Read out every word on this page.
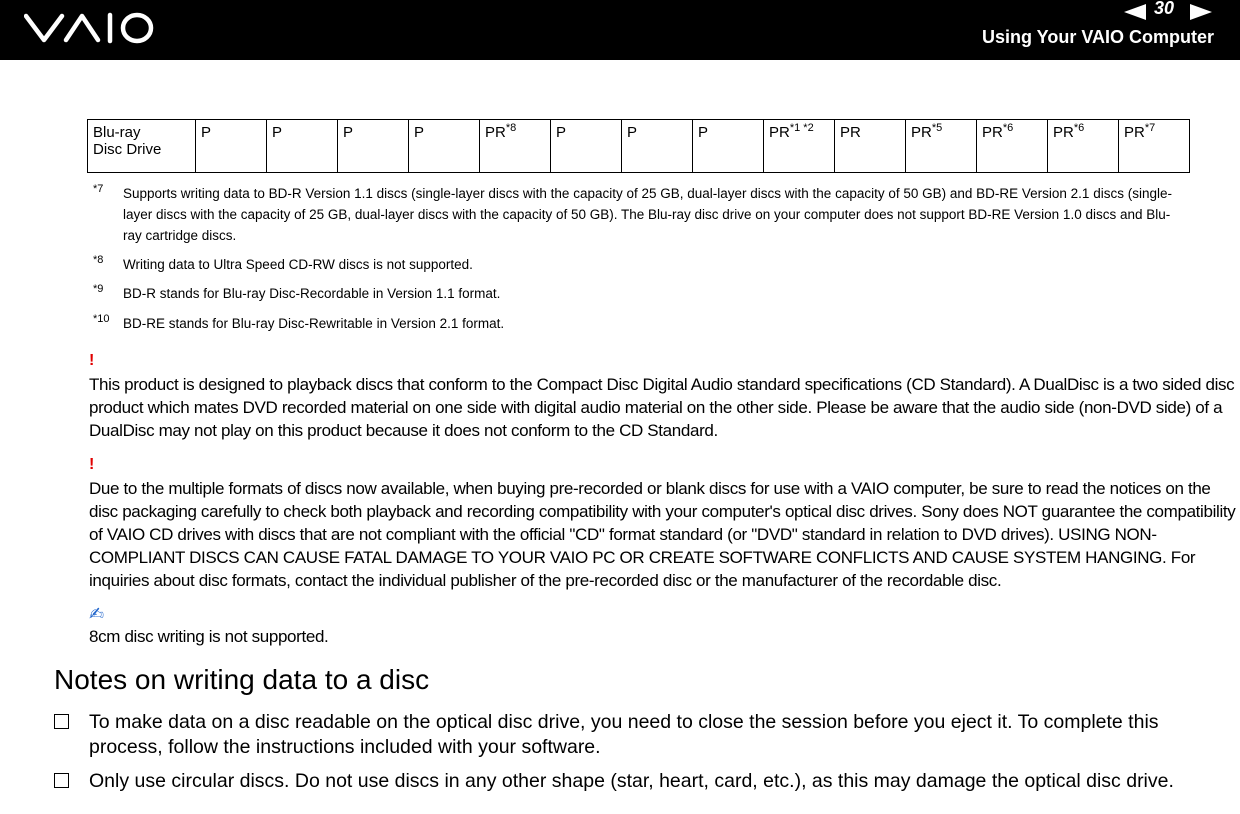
30
Using Your VAIO Computer
Blu-ray
Disc Drive	P	P	P	P	PR$^{*8}$	P	P	P	$PR^{*1 *2}$	PR	PR$^{*5}$	PR$^{*6}$	PR$^{*6}$	PR$^{*7}$
*7 Supports writing data to BD-R Version 1.1 discs (single-layer discs with the capacity of 25 GB, dual-layer discs with the capacity of 50 GB) and BD-RE Version 2.1 discs (single-layer discs with the capacity of 25 GB, dual-layer discs with the capacity of 50 GB). The Blu-ray disc drive on your computer does not support BD-RE Version 1.0 discs and Blu-ray cartridge discs.
*8 Writing data to Ultra Speed CD-RW discs is not supported.
*9 BD-R stands for Blu-ray Disc-Recordable in Version 1.1 format.
*10 BD-RE stands for Blu-ray Disc-Rewritable in Version 2.1 format.
!
This product is designed to playback discs that conform to the Compact Disc Digital Audio standard specifications (CD Standard). A DualDisc is a two sided disc product which mates DVD recorded material on one side with digital audio material on the other side. Please be aware that the audio side (non-DVD side) of a DualDisc may not play on this product because it does not conform to the CD Standard.
!
Due to the multiple formats of discs now available, when buying pre-recorded or blank discs for use with a VAIO computer, be sure to read the notices on the disc packaging carefully to check both playback and recording compatibility with your computer's optical disc drives. Sony does NOT guarantee the compatibility of VAIO CD drives with discs that are not compliant with the official "CD" format standard (or "DVD" standard in relation to DVD drives). USING NON-COMPLIANT DISCS CAN CAUSE FATAL DAMAGE TO YOUR VAIO PC OR CREATE SOFTWARE CONFLICTS AND CAUSE SYSTEM HANGING. For inquiries about disc formats, contact the individual publisher of the pre-recorded disc or the manufacturer of the recordable disc.
✍
8cm disc writing is not supported.
Notes on writing data to a disc
To make data on a disc readable on the optical disc drive, you need to close the session before you eject it. To complete this process, follow the instructions included with your software.
Only use circular discs. Do not use discs in any other shape (star, heart, card, etc.), as this may damage the optical disc drive.
